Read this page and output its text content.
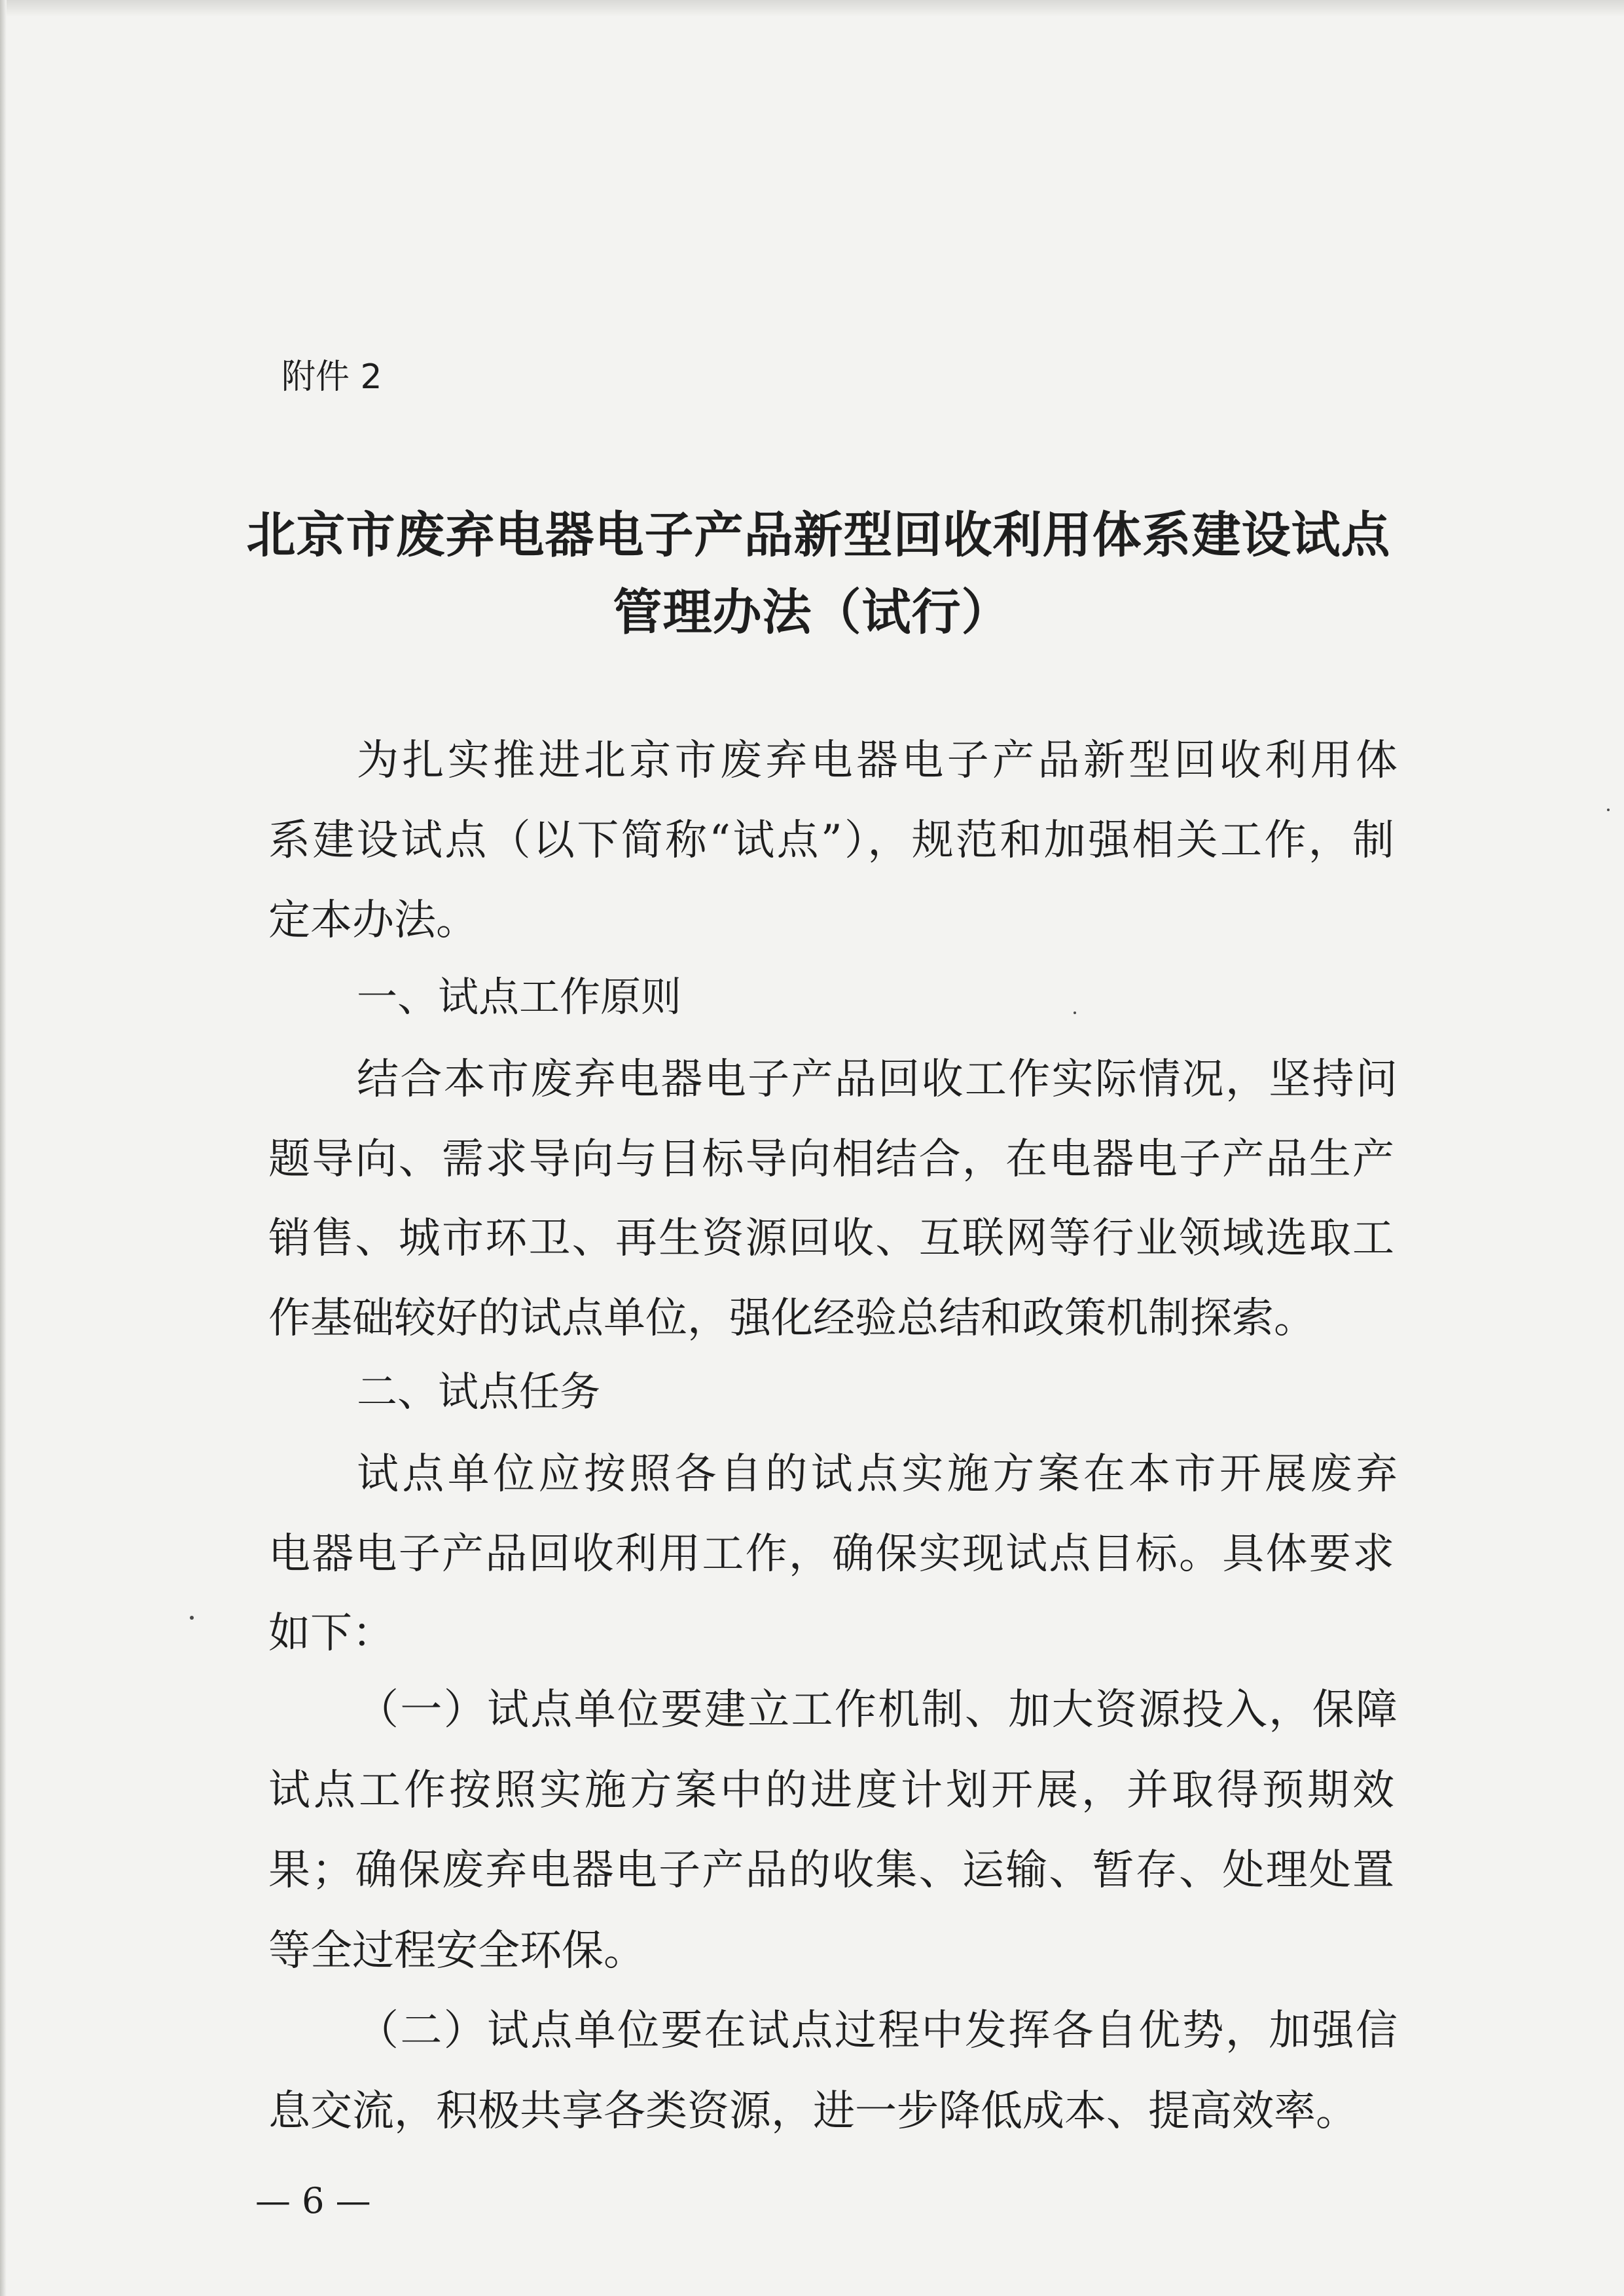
附件 2
北京市废弃电器电子产品新型回收利用体系建设试点
管理办法（试行）
为扎实推进北京市废弃电器电子产品新型回收利用体
系建设试点（以下简称“试点”），规范和加强相关工作，制
定本办法。
一、试点工作原则
结合本市废弃电器电子产品回收工作实际情况，坚持问
题导向、需求导向与目标导向相结合，在电器电子产品生产
销售、城市环卫、再生资源回收、互联网等行业领域选取工
作基础较好的试点单位，强化经验总结和政策机制探索。
二、试点任务
试点单位应按照各自的试点实施方案在本市开展废弃
电器电子产品回收利用工作，确保实现试点目标。具体要求
如下：
（一）试点单位要建立工作机制、加大资源投入，保障
试点工作按照实施方案中的进度计划开展，并取得预期效
果；确保废弃电器电子产品的收集、运输、暂存、处理处置
等全过程安全环保。
（二）试点单位要在试点过程中发挥各自优势，加强信
息交流，积极共享各类资源，进一步降低成本、提高效率。
— 6 —
